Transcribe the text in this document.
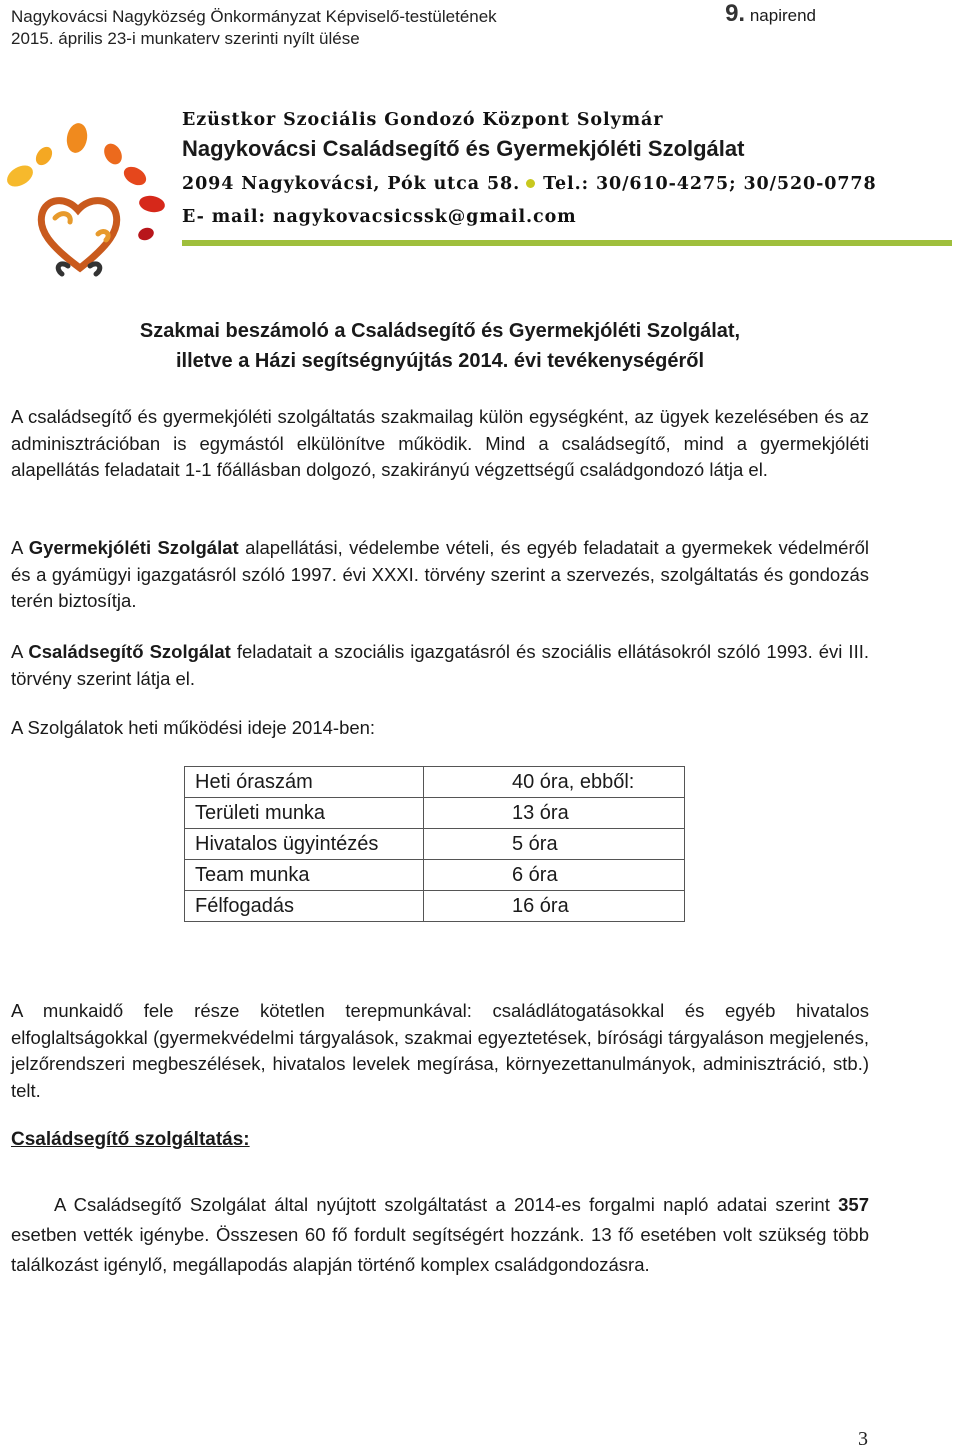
Nagykovácsi Nagyközség Önkormányzat Képviselő-testületének
2015. április 23-i munkaterv szerinti nyílt ülése
9. napirend
Ezüstkor Szociális Gondozó Központ Solymár
Nagykovácsi Családsegítő és Gyermekjóléti Szolgálat
2094 Nagykovácsi, Pók utca 58. Tel.: 30/610-4275; 30/520-0778
E- mail: nagykovacsicssk@gmail.com
Szakmai beszámoló a Családsegítő és Gyermekjóléti Szolgálat,
illetve a Házi segítségnyújtás 2014. évi tevékenységéről
A családsegítő és gyermekjóléti szolgáltatás szakmailag külön egységként, az ügyek kezelésében és az adminisztrációban is egymástól elkülönítve működik. Mind a családsegítő, mind a gyermekjóléti alapellátás feladatait 1-1 főállásban dolgozó, szakirányú végzettségű családgondozó látja el.
A Gyermekjóléti Szolgálat alapellátási, védelembe vételi, és egyéb feladatait a gyermekek védelméről és a gyámügyi igazgatásról szóló 1997. évi XXXI. törvény szerint a szervezés, szolgáltatás és gondozás terén biztosítja.
A Családsegítő Szolgálat feladatait a szociális igazgatásról és szociális ellátásokról szóló 1993. évi III. törvény szerint látja el.
A Szolgálatok heti működési ideje 2014-ben:
Heti óraszám	40 óra, ebből:
Területi munka	13 óra
Hivatalos ügyintézés	5 óra
Team munka	6 óra
Félfogadás	16 óra
A munkaidő fele része kötetlen terepmunkával: családlátogatásokkal és egyéb hivatalos elfoglaltságokkal (gyermekvédelmi tárgyalások, szakmai egyeztetések, bírósági tárgyaláson megjelenés, jelzőrendszeri megbeszélések, hivatalos levelek megírása, környezettanulmányok, adminisztráció, stb.) telt.
Családsegítő szolgáltatás:
A Családsegítő Szolgálat által nyújtott szolgáltatást a 2014-es forgalmi napló adatai szerint 357 esetben vették igénybe. Összesen 60 fő fordult segítségért hozzánk. 13 fő esetében volt szükség több találkozást igénylő, megállapodás alapján történő komplex családgondozásra.
3
